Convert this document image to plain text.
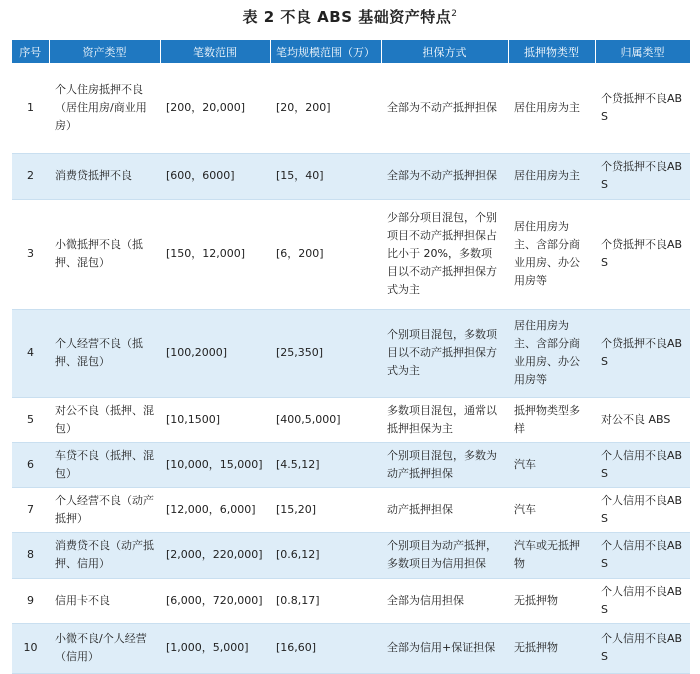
表 2 不良 ABS 基础资产特点$^2$
序号	资产类型	笔数范围	笔均规模范围（万）	担保方式	抵押物类型	归属类型
1	个人住房抵押不良（居住用房/商业用房）	[200，20,000]	[20，200]	全部为不动产抵押担保	居住用房为主	个贷抵押不良ABS
2	消费贷抵押不良	[600，6000]	[15，40]	全部为不动产抵押担保	居住用房为主	个贷抵押不良ABS
3	小微抵押不良（抵押、混包）	[150，12,000]	[6，200]	少部分项目混包，个别项目不动产抵押担保占比小于 20%，多数项目以不动产抵押担保方式为主	居住用房为主、含部分商业用房、办公用房等	个贷抵押不良ABS
4	个人经营不良（抵押、混包）	[100,2000]	[25,350]	个别项目混包，多数项目以不动产抵押担保方式为主	居住用房为主、含部分商业用房、办公用房等	个贷抵押不良ABS
5	对公不良（抵押、混包）	[10,1500]	[400,5,000]	多数项目混包，通常以抵押担保为主	抵押物类型多样	对公不良 ABS
6	车贷不良（抵押、混包）	[10,000，15,000]	[4.5,12]	个别项目混包，多数为动产抵押担保	汽车	个人信用不良ABS
7	个人经营不良（动产抵押）	[12,000，6,000]	[15,20]	动产抵押担保	汽车	个人信用不良ABS
8	消费贷不良（动产抵押、信用）	[2,000，220,000]	[0.6,12]	个别项目为动产抵押，多数项目为信用担保	汽车或无抵押物	个人信用不良ABS
9	信用卡不良	[6,000，720,000]	[0.8,17]	全部为信用担保	无抵押物	个人信用不良ABS
10	小微不良/个人经营（信用）	[1,000，5,000]	[16,60]	全部为信用+保证担保	无抵押物	个人信用不良ABS
